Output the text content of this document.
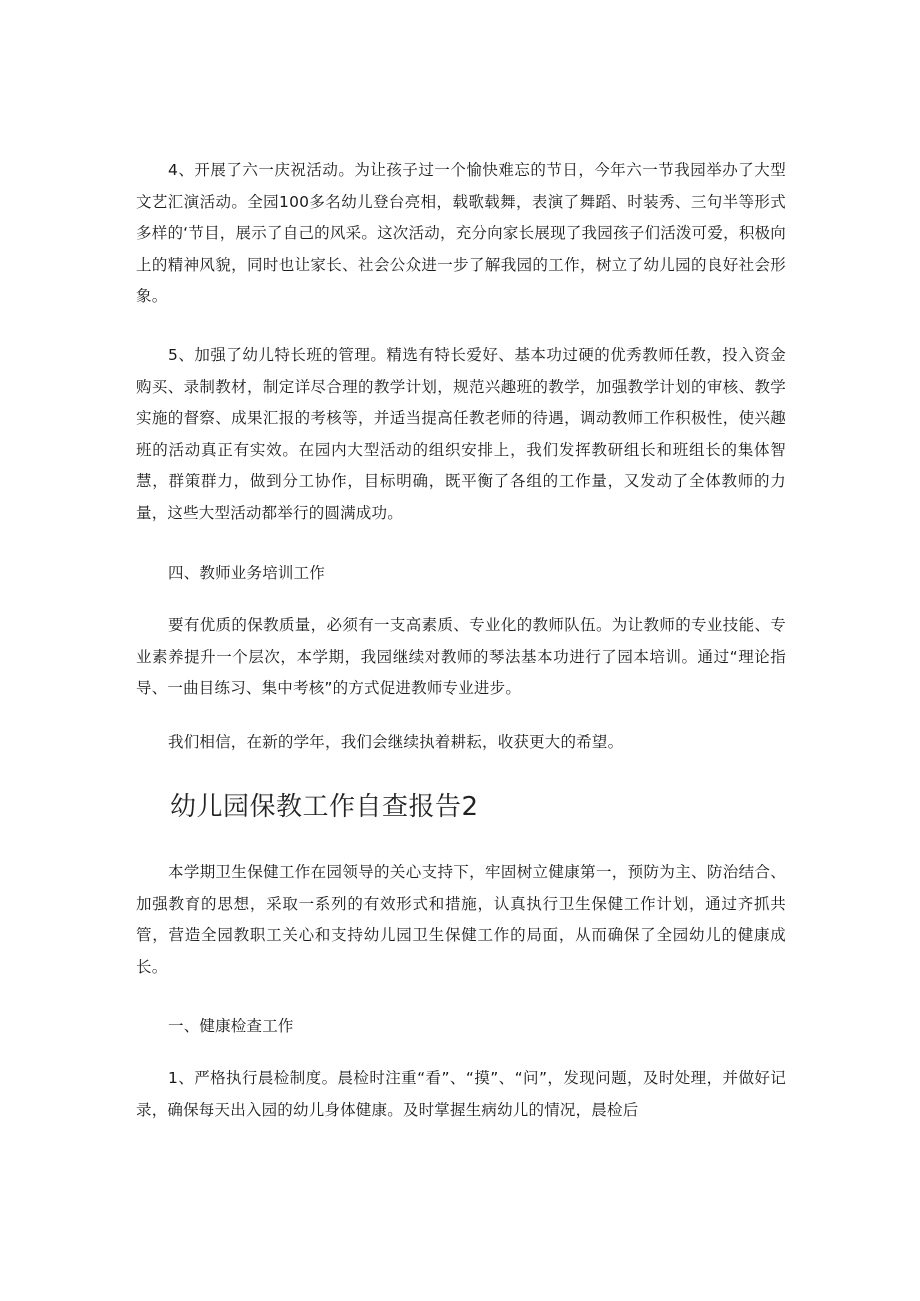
4、开展了六一庆祝活动。为让孩子过一个愉快难忘的节日，今年六一节我园举办了大型文艺汇演活动。全园100多名幼儿登台亮相，载歌载舞，表演了舞蹈、时装秀、三句半等形式多样的‘节目，展示了自己的风采。这次活动，充分向家长展现了我园孩子们活泼可爱，积极向上的精神风貌，同时也让家长、社会公众进一步了解我园的工作，树立了幼儿园的良好社会形象。

5、加强了幼儿特长班的管理。精选有特长爱好、基本功过硬的优秀教师任教，投入资金购买、录制教材，制定详尽合理的教学计划，规范兴趣班的教学，加强教学计划的审核、教学实施的督察、成果汇报的考核等，并适当提高任教老师的待遇，调动教师工作积极性，使兴趣班的活动真正有实效。在园内大型活动的组织安排上，我们发挥教研组长和班组长的集体智慧，群策群力，做到分工协作，目标明确，既平衡了各组的工作量，又发动了全体教师的力量，这些大型活动都举行的圆满成功。

四、教师业务培训工作

要有优质的保教质量，必须有一支高素质、专业化的教师队伍。为让教师的专业技能、专业素养提升一个层次，本学期，我园继续对教师的琴法基本功进行了园本培训。通过“理论指导、一曲目练习、集中考核”的方式促进教师专业进步。

我们相信，在新的学年，我们会继续执着耕耘，收获更大的希望。

幼儿园保教工作自查报告2

本学期卫生保健工作在园领导的关心支持下，牢固树立健康第一，预防为主、防治结合、加强教育的思想，采取一系列的有效形式和措施，认真执行卫生保健工作计划，通过齐抓共管，营造全园教职工关心和支持幼儿园卫生保健工作的局面，从而确保了全园幼儿的健康成长。

一、健康检查工作

1、严格执行晨检制度。晨检时注重“看”、“摸”、“问”，发现问题，及时处理，并做好记录，确保每天出入园的幼儿身体健康。及时掌握生病幼儿的情况，晨检后
